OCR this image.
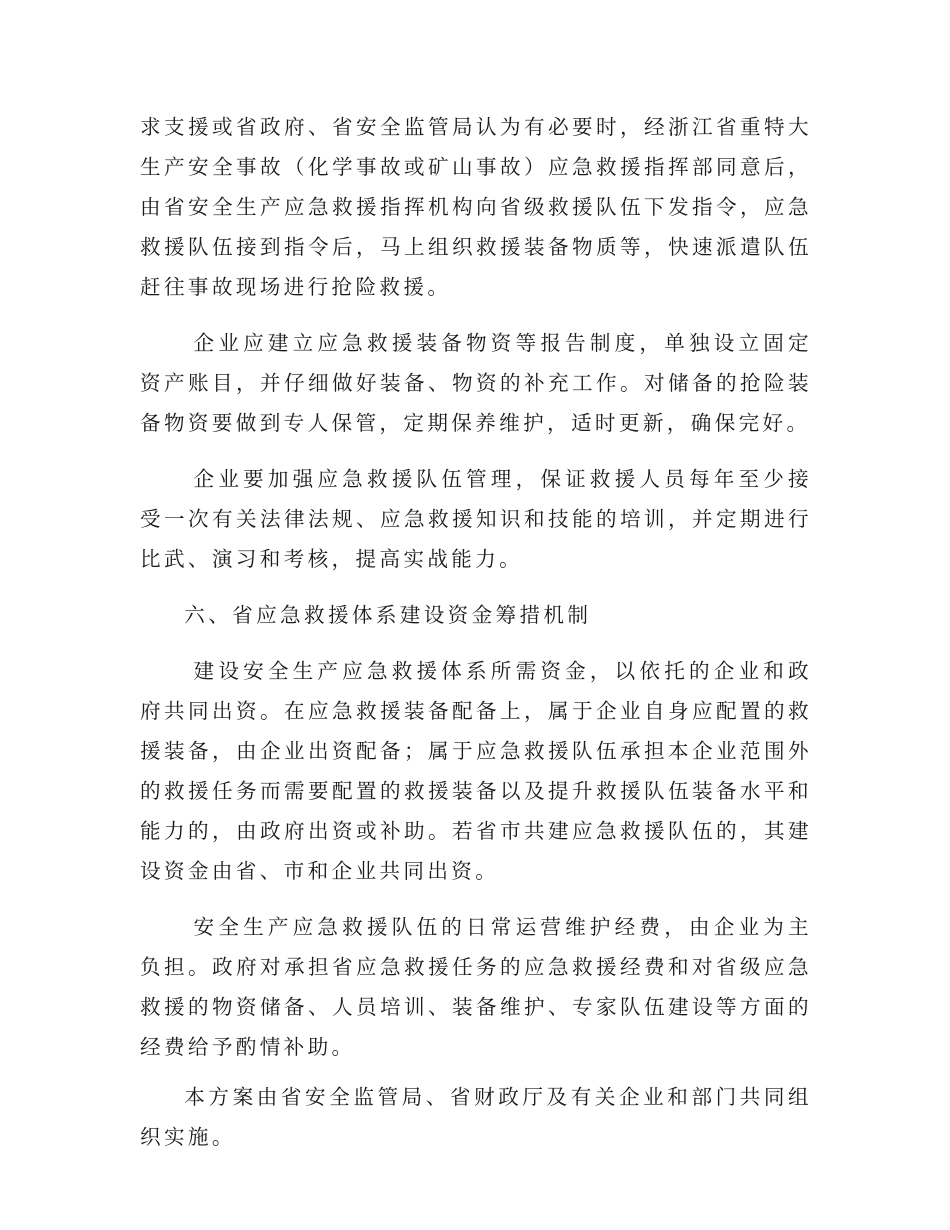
求支援或省政府、省安全监管局认为有必要时，经浙江省重特大生产安全事故（化学事故或矿山事故）应急救援指挥部同意后，由省安全生产应急救援指挥机构向省级救援队伍下发指令，应急救援队伍接到指令后，马上组织救援装备物质等，快速派遣队伍赶往事故现场进行抢险救援。

企业应建立应急救援装备物资等报告制度，单独设立固定资产账目，并仔细做好装备、物资的补充工作。对储备的抢险装备物资要做到专人保管，定期保养维护，适时更新，确保完好。

企业要加强应急救援队伍管理，保证救援人员每年至少接受一次有关法律法规、应急救援知识和技能的培训，并定期进行比武、演习和考核，提高实战能力。

六、省应急救援体系建设资金筹措机制

建设安全生产应急救援体系所需资金，以依托的企业和政府共同出资。在应急救援装备配备上，属于企业自身应配置的救援装备，由企业出资配备；属于应急救援队伍承担本企业范围外的救援任务而需要配置的救援装备以及提升救援队伍装备水平和能力的，由政府出资或补助。若省市共建应急救援队伍的，其建设资金由省、市和企业共同出资。

安全生产应急救援队伍的日常运营维护经费，由企业为主负担。政府对承担省应急救援任务的应急救援经费和对省级应急救援的物资储备、人员培训、装备维护、专家队伍建设等方面的经费给予酌情补助。

本方案由省安全监管局、省财政厅及有关企业和部门共同组织实施。
